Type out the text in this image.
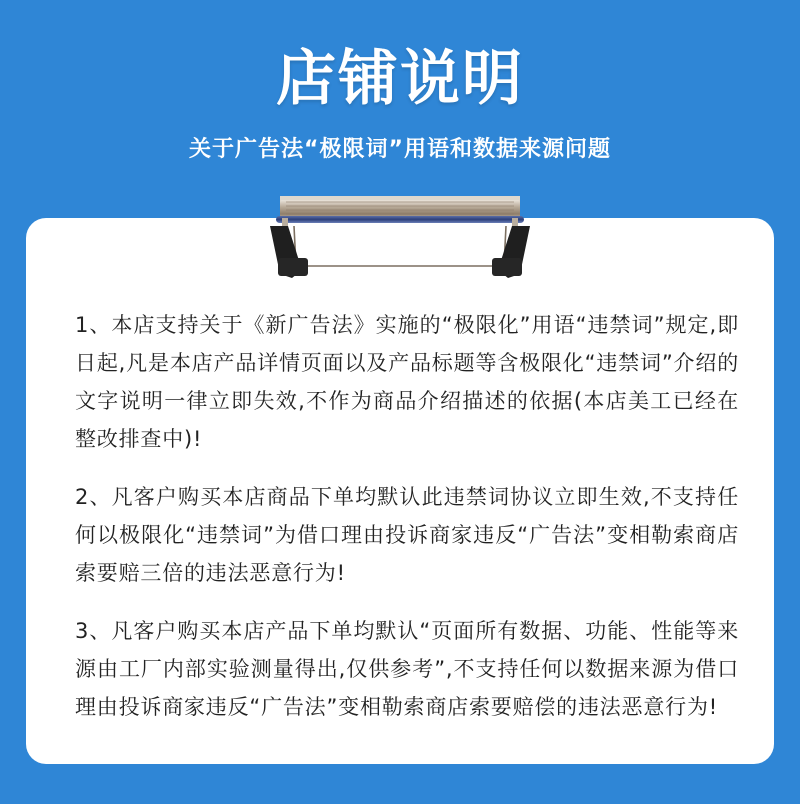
店铺说明
关于广告法“极限词”用语和数据来源问题

1、本店支持关于《新广告法》实施的“极限化”用语“违禁词”规定,即日起,凡是本店产品详情页面以及产品标题等含极限化“违禁词”介绍的文字说明一律立即失效,不作为商品介绍描述的依据(本店美工已经在整改排查中)!

2、凡客户购买本店商品下单均默认此违禁词协议立即生效,不支持任何以极限化“违禁词”为借口理由投诉商家违反“广告法”变相勒索商店索要赔三倍的违法恶意行为!

3、凡客户购买本店产品下单均默认“页面所有数据、功能、性能等来源由工厂内部实验测量得出,仅供参考”,不支持任何以数据来源为借口理由投诉商家违反“广告法”变相勒索商店索要赔偿的违法恶意行为!
